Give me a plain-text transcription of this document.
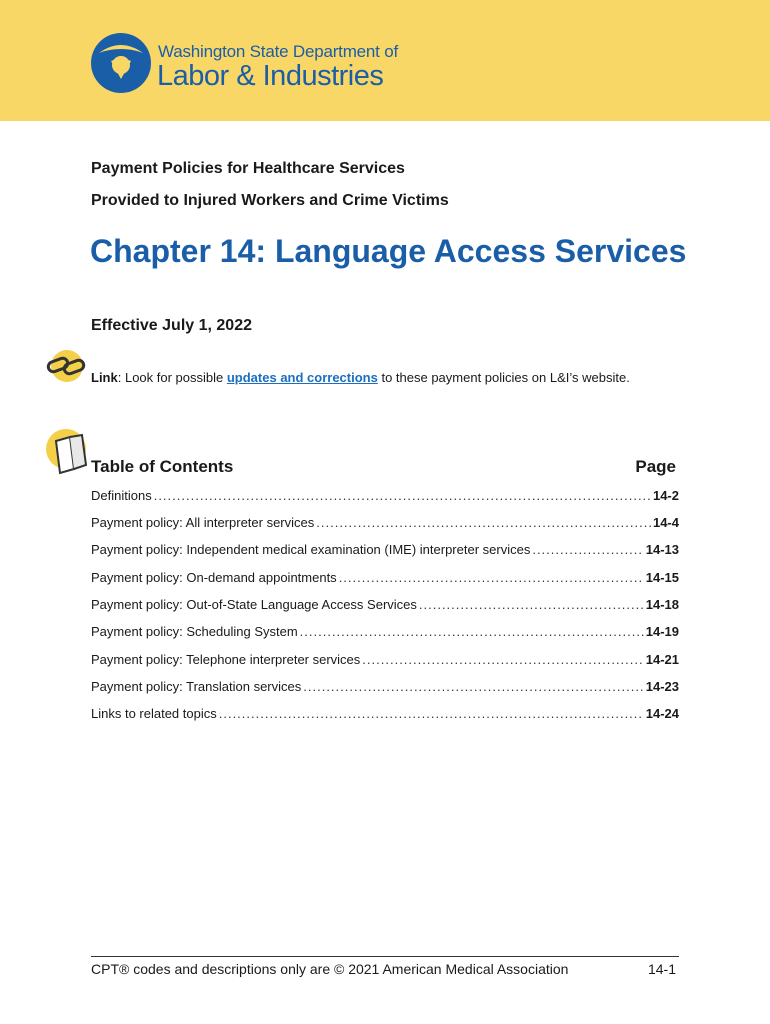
Washington State Department of
Labor & Industries
Payment Policies for Healthcare Services
Provided to Injured Workers and Crime Victims
Chapter 14: Language Access Services
Effective July 1, 2022
Link: Look for possible updates and corrections to these payment policies on L&I’s website.
Table of Contents	Page
Definitions .....	14-2
Payment policy: All interpreter services .....	14-4
Payment policy: Independent medical examination (IME) interpreter services .....	14-13
Payment policy: On-demand appointments .....	14-15
Payment policy: Out-of-State Language Access Services .....	14-18
Payment policy: Scheduling System .....	14-19
Payment policy: Telephone interpreter services .....	14-21
Payment policy: Translation services .....	14-23
Links to related topics .....	14-24
CPT® codes and descriptions only are © 2021 American Medical Association	14-1
